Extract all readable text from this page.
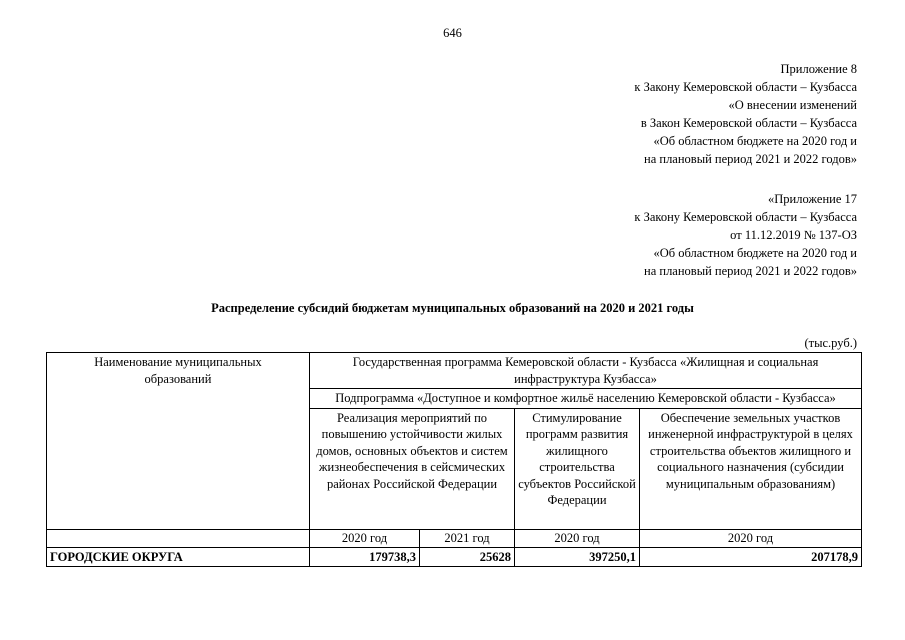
646
Приложение 8
к Закону Кемеровской области – Кузбасса
«О внесении изменений
в Закон Кемеровской области – Кузбасса
«Об областном бюджете на 2020 год и
на плановый период 2021 и 2022 годов»
«Приложение 17
к Закону Кемеровской области – Кузбасса
от 11.12.2019 № 137-ОЗ
«Об областном бюджете на 2020 год и
на плановый период 2021 и 2022 годов»
Распределение субсидий бюджетам муниципальных образований на 2020 и 2021 годы
(тыс.руб.)
Наименование муниципальных образований	Государственная программа Кемеровской области - Кузбасса «Жилищная и социальная инфраструктура Кузбасса»			
	Подпрограмма «Доступное и комфортное жильё населению Кемеровской области - Кузбасса»			
	Реализация мероприятий по повышению устойчивости жилых домов, основных объектов и систем жизнеобеспечения в сейсмических районах Российской Федерации		Стимулирование программ развития жилищного строительства субъектов Российской Федерации	Обеспечение земельных участков инженерной инфраструктурой в целях строительства объектов жилищного и социального назначения (субсидии муниципальным образованиям)
	2020 год	2021 год	2020 год	2020 год
ГОРОДСКИЕ ОКРУГА	179738,3	25628	397250,1	207178,9
